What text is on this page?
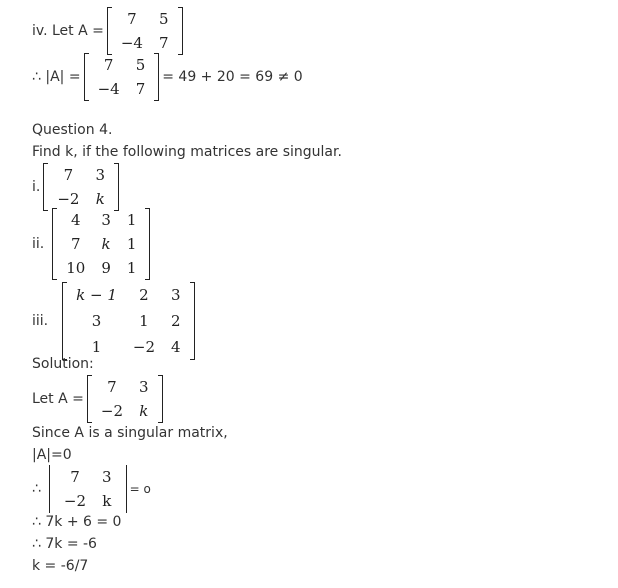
iv. Let A =
7	5
−4	7
∴ |A| =
7	5
−4	7
= 49 + 20 = 69 ≠ 0
Question 4.
Find k, if the following matrices are singular.
i.
7	3
−2	k
ii.
4	3	1
7	k	1
10	9	1
iii.
k − 1	2	3
3	1	2
1	−2	4
Solution:
Let A =
7	3
−2	k
Since A is a singular matrix,
|A|=0
∴
7	3
−2	k
= o
∴ 7k + 6 = 0
∴ 7k = -6
k = -6/7
